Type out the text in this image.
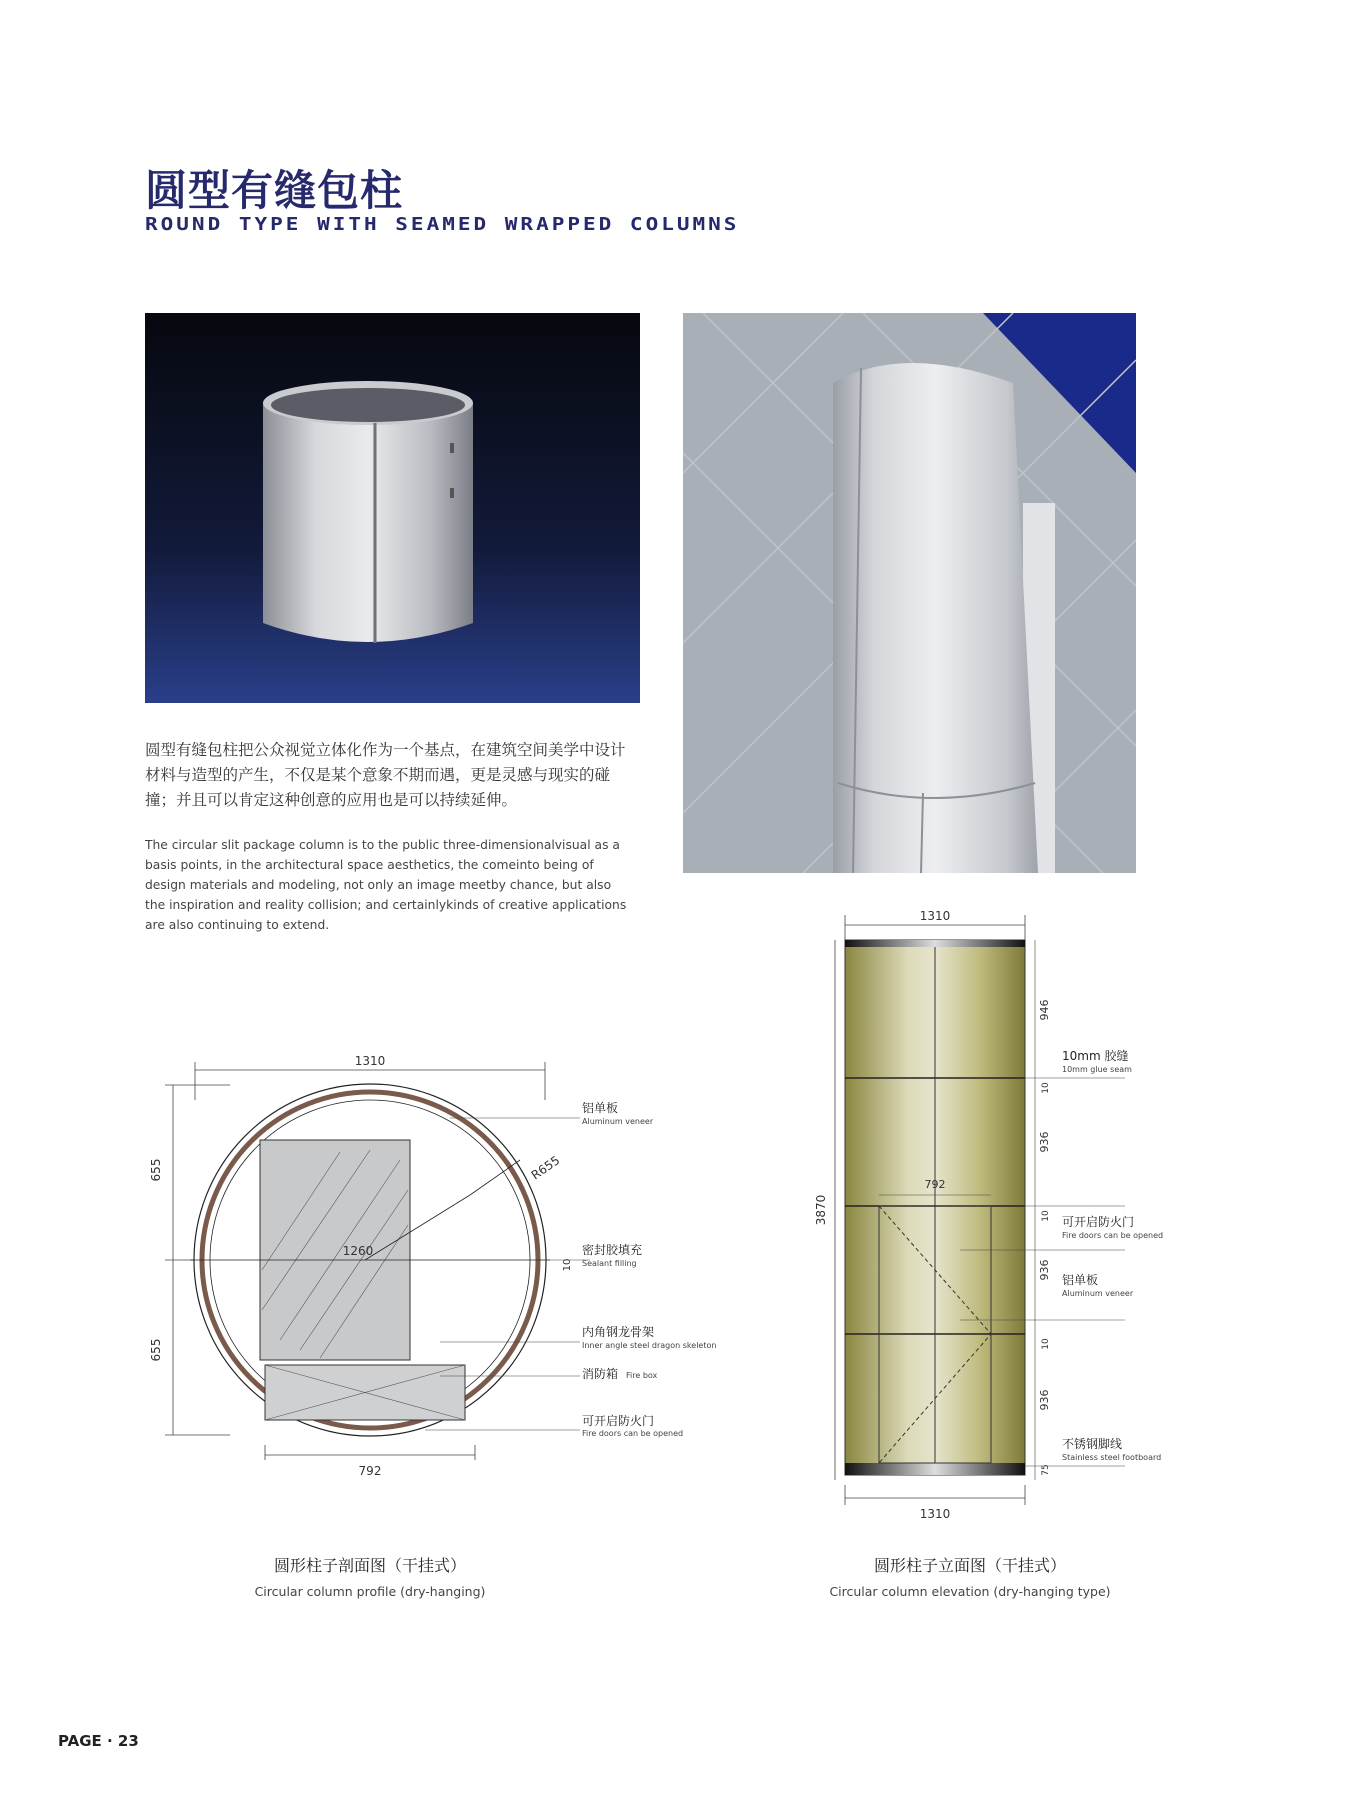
圆型有缝包柱
ROUND TYPE WITH SEAMED WRAPPED COLUMNS
圆型有缝包柱把公众视觉立体化作为一个基点，在建筑空间美学中设计材料与造型的产生，不仅是某个意象不期而遇，更是灵感与现实的碰撞；并且可以肯定这种创意的应用也是可以持续延伸。
The circular slit package column is to the public three-dimensionalvisual as a basis points, in the architectural space aesthetics, the comeinto being of design materials and modeling, not only an image meetby chance, but also the inspiration and reality collision; and certainlykinds of creative applications are also continuing to extend.
1310
655
655
792
1260
R655
10
铝单板
Aluminum veneer
密封胶填充
Sealant filling
内角钢龙骨架
Inner angle steel dragon skeleton
消防箱 Fire box
可开启防火门
Fire doors can be opened
1310
1310
3870
792
946
10
936
10
936
10
936
75
10mm 胶缝
10mm glue seam
可开启防火门
Fire doors can be opened
铝单板
Aluminum veneer
不锈钢脚线
Stainless steel footboard
圆形柱子剖面图（干挂式）
Circular column profile (dry-hanging)
圆形柱子立面图（干挂式）
Circular column elevation (dry-hanging type)
PAGE · 23
